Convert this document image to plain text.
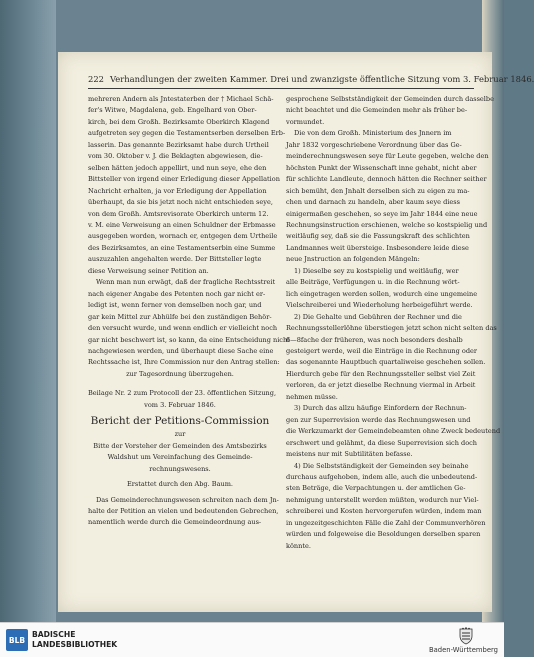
222 Verhandlungen der zweiten Kammer. Drei und zwanzigste öffentliche Sitzung vom 3. Februar 1846.
mehreren Andern als Jntestaterben der † Michael Schä-
fer's Witwe, Magdalena, geb. Engelhard von Ober-
kirch, bei dem Großh. Bezirksamte Oberkirch Klagend
aufgetreten sey gegen die Testamentserben derselben Erb-
lasserin. Das genannte Bezirksamt habe durch Urtheil
vom 30. Oktober v. J. die Beklagten abgewiesen, die-
selben hätten jedoch appellirt, und nun seye, ehe den
Bittsteller von irgend einer Erledigung dieser Appellation
Nachricht erhalten, ja vor Erledigung der Appellation
überhaupt, da sie bis jetzt noch nicht entschieden seye,
von dem Großh. Amtsrevisorate Oberkirch unterm 12.
v. M. eine Verweisung an einen Schuldner der Erbmasse
ausgegeben worden, wornach er, entgegen dem Urtheile
des Bezirksamtes, an eine Testamentserbin eine Summe
auszuzahlen angehalten werde. Der Bittsteller legte
diese Verweisung seiner Petition an.
Wenn man nun erwägt, daß der fragliche Rechtsstreit
nach eigener Angabe des Petenten noch gar nicht er-
ledigt ist, wenn ferner von demselben noch gar, und
gar kein Mittel zur Abhülfe bei den zuständigen Behör-
den versucht wurde, und wenn endlich er vielleicht noch
gar nicht beschwert ist, so kann, da eine Entscheidung nicht
nachgewiesen werden, und überhaupt diese Sache eine
Rechtssache ist, Ihre Commission nur den Antrag stellen:
zur Tagesordnung überzugehen.
Beilage Nr. 2 zum Protocoll der 23. öffentlichen Sitzung,
vom 3. Februar 1846.
Bericht der Petitions-Commission
zur
Bitte der Vorsteher der Gemeinden des Amtsbezirks
Waldshut um Vereinfachung des Gemeinde-
rechnungswesens.
Erstattet durch den Abg. Baum.
Das Gemeinderechnungswesen schreiten nach dem Jn-
halte der Petition an vielen und bedeutenden Gebrechen,
namentlich werde durch die Gemeindeordnung aus-
gesprochene Selbstständigkeit der Gemeinden durch dasselbe
nicht beachtet und die Gemeinden mehr als früher be-
vormundet.
Die von dem Großh. Ministerium des Jnnern im
Jahr 1832 vorgeschriebene Verordnung über das Ge-
meinderechnungswesen seye für Leute gegeben, welche den
höchsten Punkt der Wissenschaft inne gehabt, nicht aber
für schlichte Landleute, dennoch hätten die Rechner seither
sich bemüht, den Jnhalt derselben sich zu eigen zu ma-
chen und darnach zu handeln, aber kaum seye diess
einigermaßen geschehen, so seye im Jahr 1844 eine neue
Rechnungsinstruction erschienen, welche so kostspielig und
weitläufig sey, daß sie die Fassungskraft des schlichten
Landmannes weit übersteige. Insbesondere leide diese
neue Jnstruction an folgenden Mängeln:
1) Dieselbe sey zu kostspielig und weitläufig, wer
alle Beiträge, Verfügungen u. in die Rechnung wört-
lich eingetragen werden sollen, wodurch eine ungemeine
Vielschreiberei und Wiederholung herbeigeführt werde.
2) Die Gehalte und Gebühren der Rechner und die
Rechnungsstellerlöhne überstiegen jetzt schon nicht selten das
6—8fache der früheren, was noch besonders deshalb
gesteigert werde, weil die Einträge in die Rechnung oder
das sogenannte Hauptbuch quartaliweise geschehen sollen.
Hierdurch gebe für den Rechnungssteller selbst viel Zeit
verloren, da er jetzt dieselbe Rechnung viermal in Arbeit
nehmen müsse.
3) Durch das allzu häufige Einfordern der Rechnun-
gen zur Superrevision werde das Rechnungswesen und
die Werkzumarkt der Gemeindebeamten ohne Zweck bedeutend
erschwert und gelähmt, da diese Superrevision sich doch
meistens nur mit Subtilitäten befasse.
4) Die Selbstständigkeit der Gemeinden sey beinahe
durchaus aufgehoben, indem alle, auch die unbedeutend-
sten Beträge, die Verpachtungen u. der amtlichen Ge-
nehmigung unterstellt werden müßten, wodurch nur Viel-
schreiberei und Kosten hervorgerufen würden, indem man
in ungezeitgeschichten Fälle die Zahl der Communverhören
würden und folgeweise die Besoldungen derselben sparen
könnte.
BLB
BADISCHE
LANDESBIBLIOTHEK
Baden-Württemberg
